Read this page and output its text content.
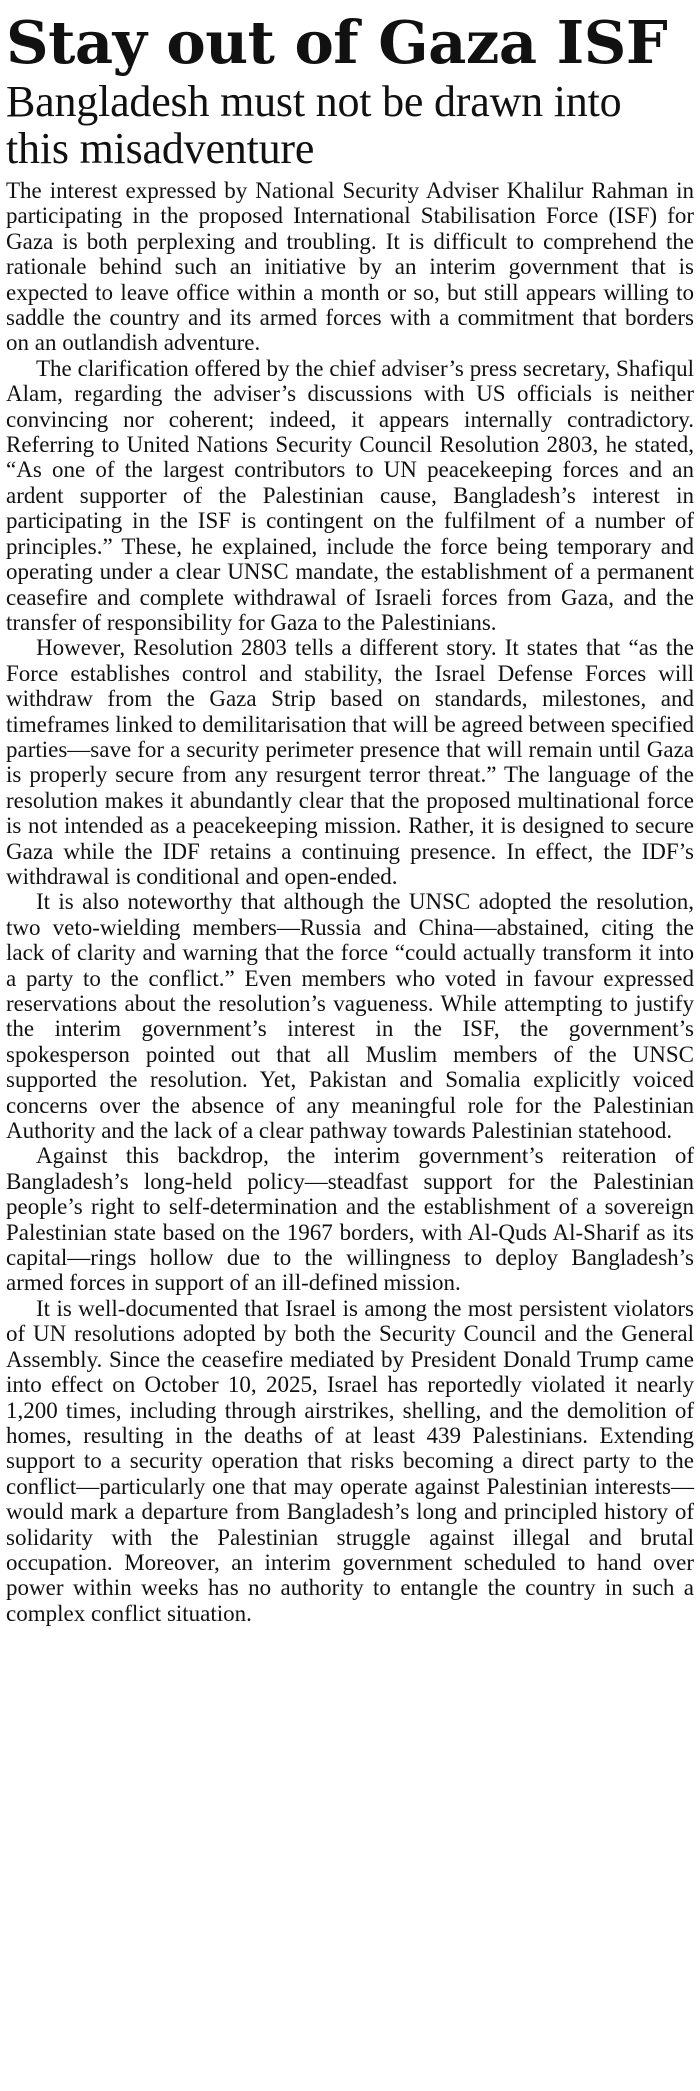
Stay out of Gaza ISF
Bangladesh must not be drawn into this misadventure

The interest expressed by National Security Adviser Khalilur Rahman in participating in the proposed International Stabilisation Force (ISF) for Gaza is both perplexing and troubling. It is difficult to comprehend the rationale behind such an initiative by an interim government that is expected to leave office within a month or so, but still appears willing to saddle the country and its armed forces with a commitment that borders on an outlandish adventure.

The clarification offered by the chief adviser’s press secretary, Shafiqul Alam, regarding the adviser’s discussions with US officials is neither convincing nor coherent; indeed, it appears internally contradictory. Referring to United Nations Security Council Resolution 2803, he stated, “As one of the largest contributors to UN peacekeeping forces and an ardent supporter of the Palestinian cause, Bangladesh’s interest in participating in the ISF is contingent on the fulfilment of a number of principles.” These, he explained, include the force being temporary and operating under a clear UNSC mandate, the establishment of a permanent ceasefire and complete withdrawal of Israeli forces from Gaza, and the transfer of responsibility for Gaza to the Palestinians.

However, Resolution 2803 tells a different story. It states that “as the Force establishes control and stability, the Israel Defense Forces will withdraw from the Gaza Strip based on standards, milestones, and timeframes linked to demilitarisation that will be agreed between specified parties—save for a security perimeter presence that will remain until Gaza is properly secure from any resurgent terror threat.” The language of the resolution makes it abundantly clear that the proposed multinational force is not intended as a peacekeeping mission. Rather, it is designed to secure Gaza while the IDF retains a continuing presence. In effect, the IDF’s withdrawal is conditional and open-ended.

It is also noteworthy that although the UNSC adopted the resolution, two veto-wielding members—Russia and China—abstained, citing the lack of clarity and warning that the force “could actually transform it into a party to the conflict.” Even members who voted in favour expressed reservations about the resolution’s vagueness. While attempting to justify the interim government’s interest in the ISF, the government’s spokesperson pointed out that all Muslim members of the UNSC supported the resolution. Yet, Pakistan and Somalia explicitly voiced concerns over the absence of any meaningful role for the Palestinian Authority and the lack of a clear pathway towards Palestinian statehood.

Against this backdrop, the interim government’s reiteration of Bangladesh’s long-held policy—steadfast support for the Palestinian people’s right to self-determination and the establishment of a sovereign Palestinian state based on the 1967 borders, with Al-Quds Al-Sharif as its capital—rings hollow due to the willingness to deploy Bangladesh’s armed forces in support of an ill-defined mission.

It is well-documented that Israel is among the most persistent violators of UN resolutions adopted by both the Security Council and the General Assembly. Since the ceasefire mediated by President Donald Trump came into effect on October 10, 2025, Israel has reportedly violated it nearly 1,200 times, including through airstrikes, shelling, and the demolition of homes, resulting in the deaths of at least 439 Palestinians. Extending support to a security operation that risks becoming a direct party to the conflict—particularly one that may operate against Palestinian interests—would mark a departure from Bangladesh’s long and principled history of solidarity with the Palestinian struggle against illegal and brutal occupation. Moreover, an interim government scheduled to hand over power within weeks has no authority to entangle the country in such a complex conflict situation.
